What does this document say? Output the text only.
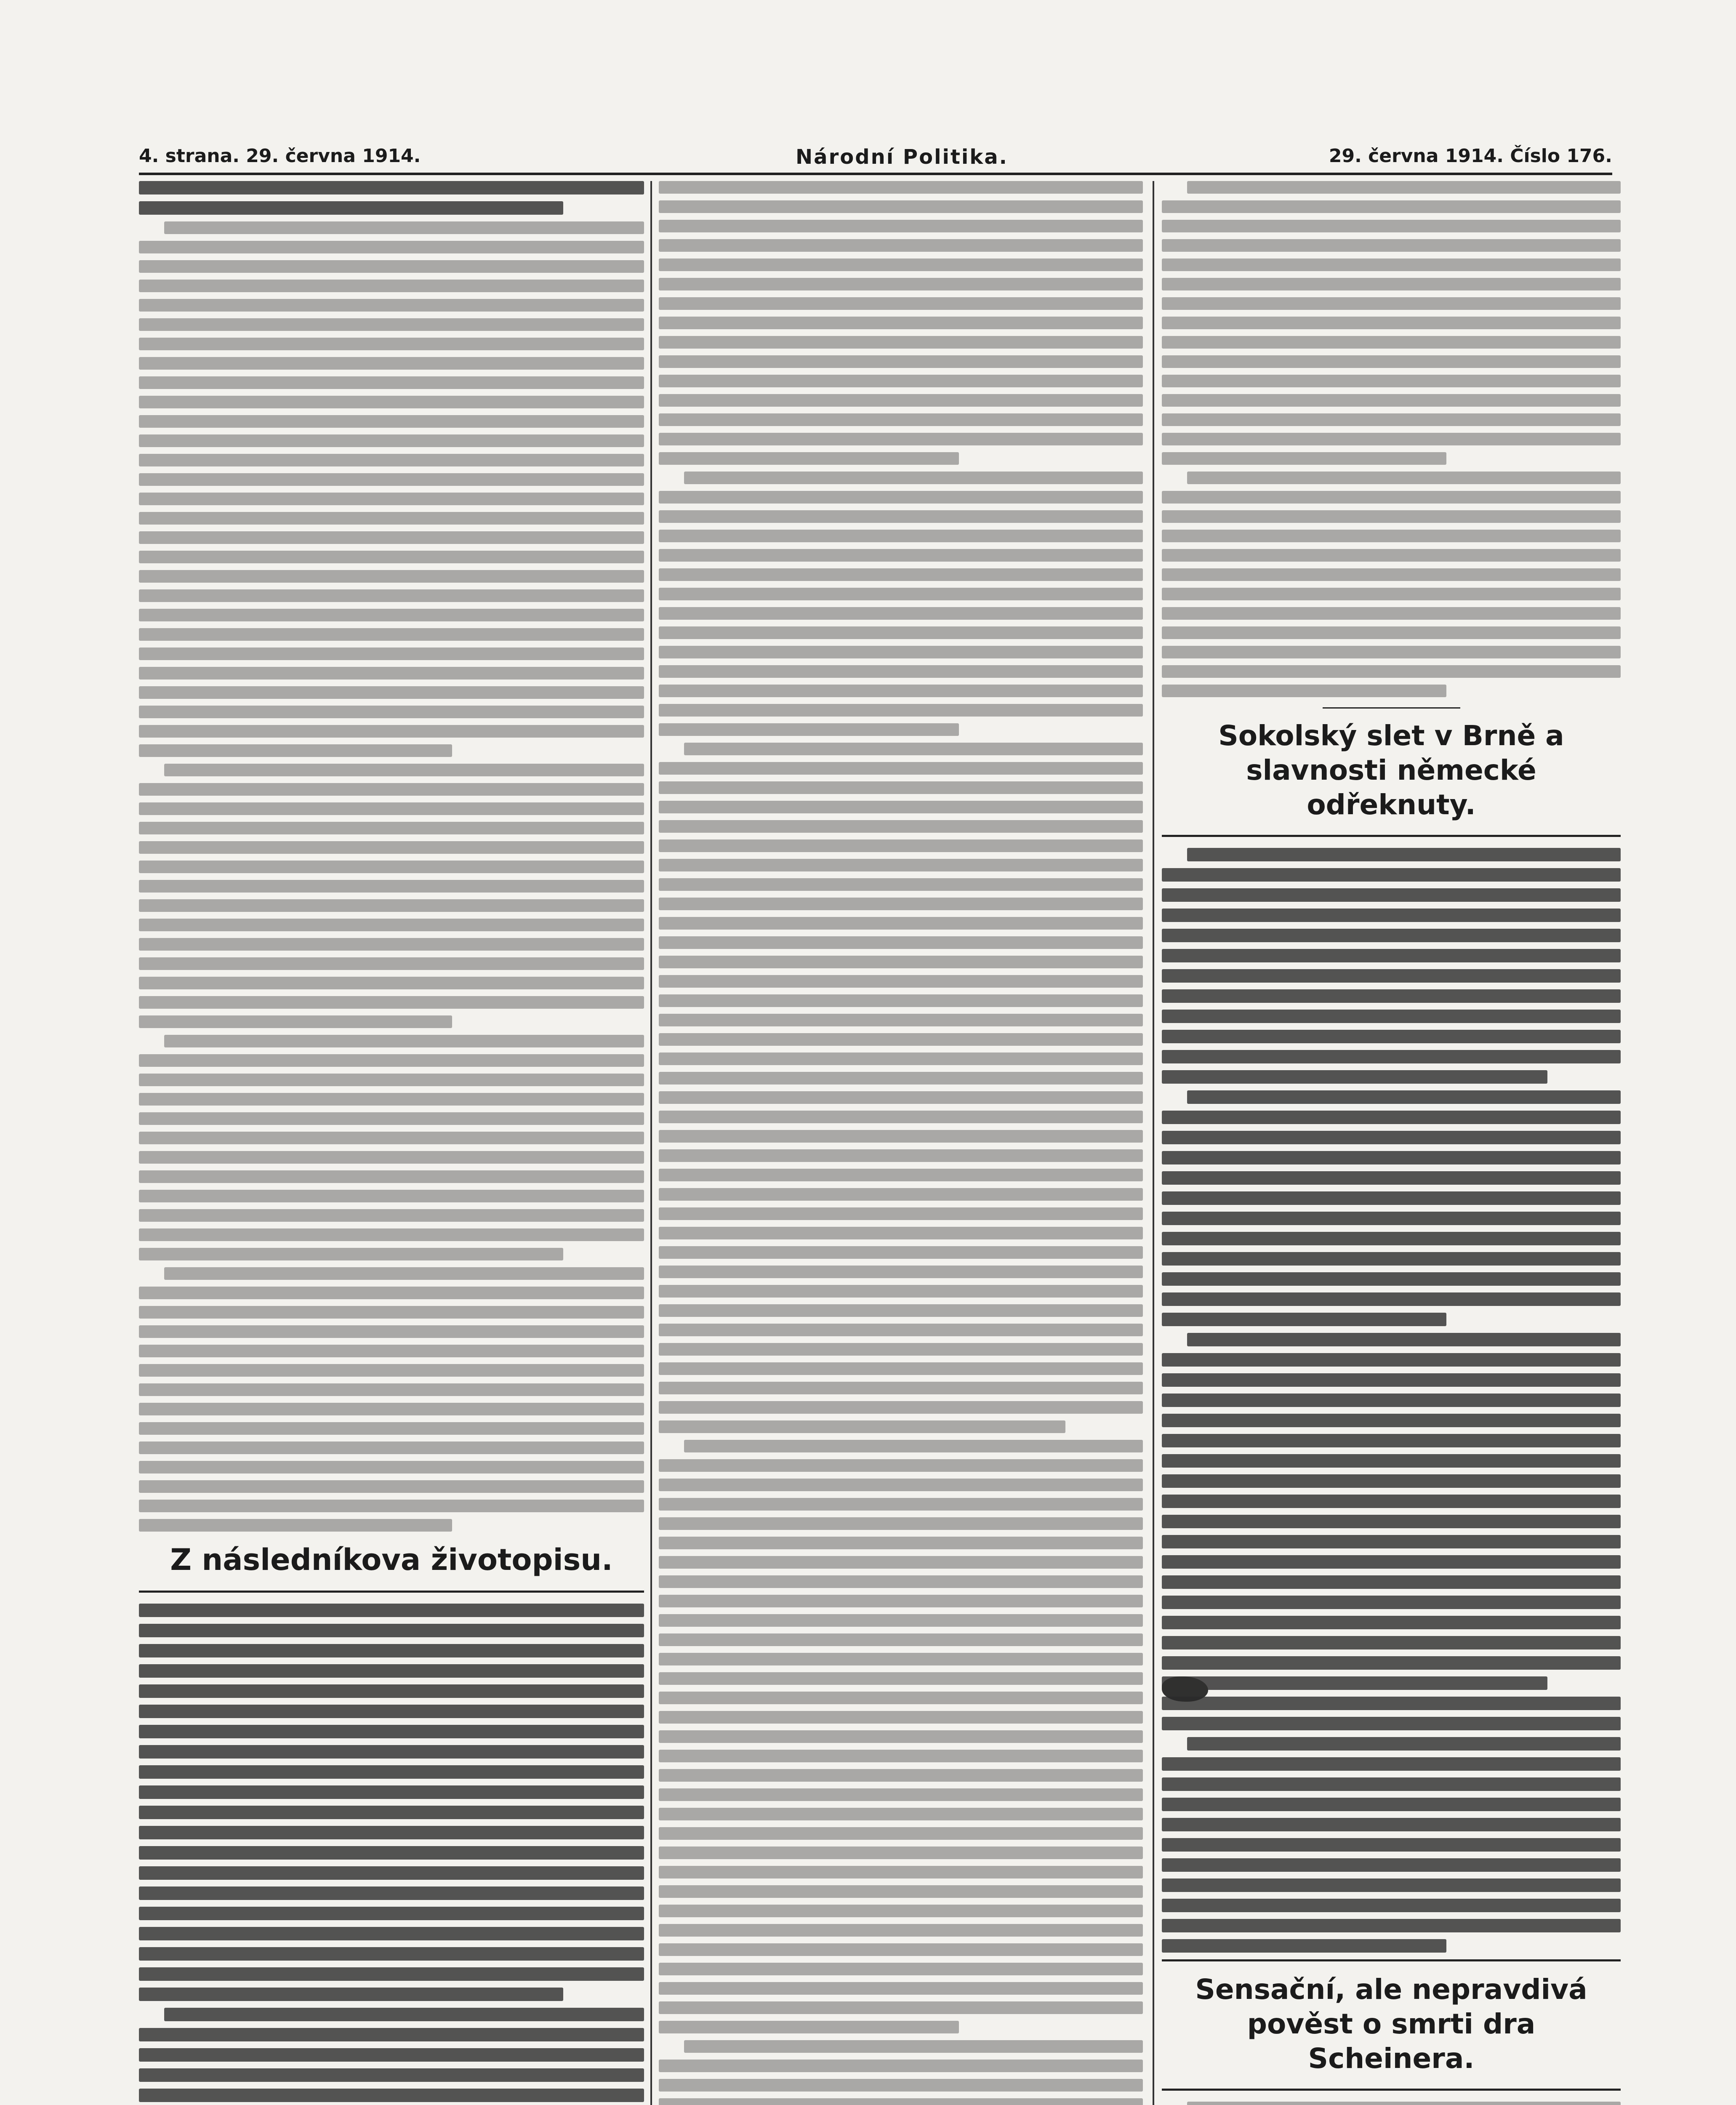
4. strana. 29. června 1914.	Národní Politika.	29. června 1914. Číslo 176.
Z následníkova životopisu.
Sokolský slet v Brně a slavnosti německé odřeknuty.
Sensační, ale nepravdivá pověst o smrti dra Scheinera.
